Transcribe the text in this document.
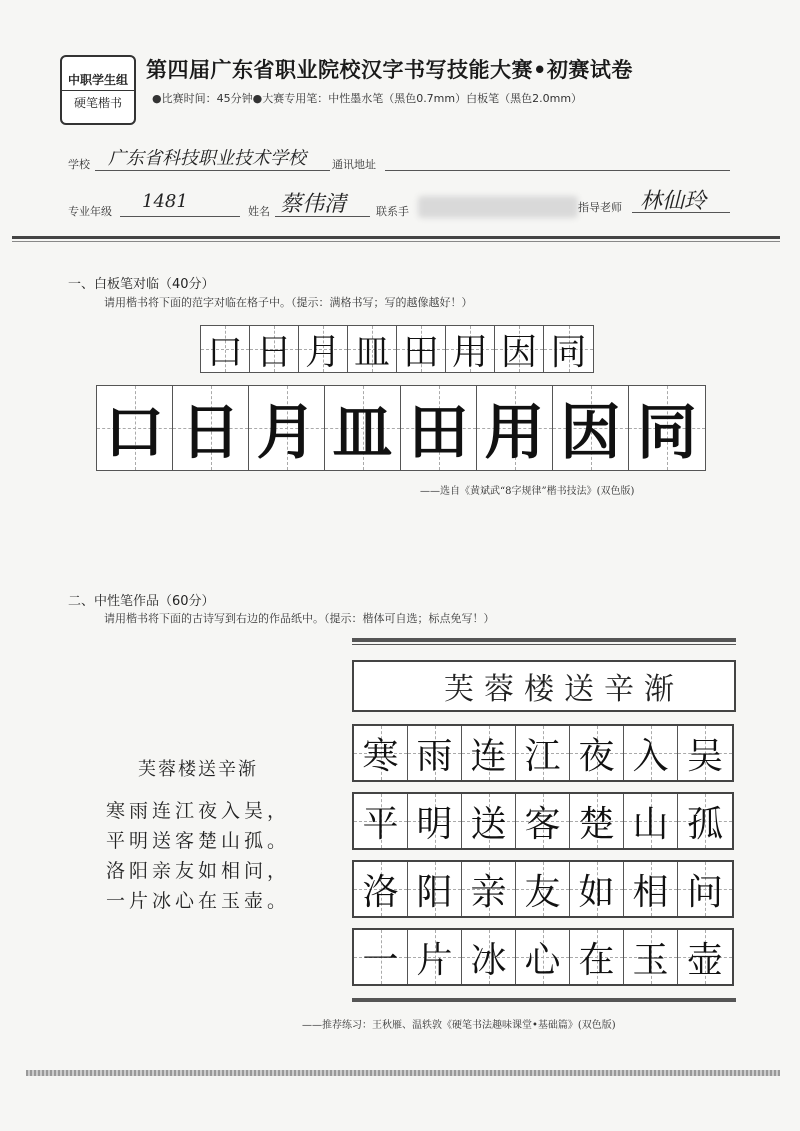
中职学生组
硬笔楷书
第四届广东省职业院校汉字书写技能大赛•初赛试卷
●比赛时间：45分钟●大赛专用笔：中性墨水笔（黑色0.7mm）白板笔（黑色2.0mm）
学校 广东省科技职业技术学校 通讯地址
专业年级 1481	姓名 蔡伟清	联系手	指导老师 林仙玲
一、白板笔对临（40分）
请用楷书将下面的范字对临在格子中。（提示：满格书写；写的越像越好！）
口 日 月 皿 田 用 因 同
口 日 月 皿 田 用 因 同
——选自《黄斌武“8字规律”楷书技法》(双色版)
二、中性笔作品（60分）
请用楷书将下面的古诗写到右边的作品纸中。（提示：楷体可自选；标点免写！）
芙蓉楼送辛渐
寒雨连江夜入吴，
平明送客楚山孤。
洛阳亲友如相问，
一片冰心在玉壶。
芙蓉楼送辛渐
寒 雨 连 江 夜 入 吴
平 明 送 客 楚 山 孤
洛 阳 亲 友 如 相 问
一 片 冰 心 在 玉 壶
——推荐练习：王秋雁、温轶敦《硬笔书法趣味课堂•基础篇》(双色版)
